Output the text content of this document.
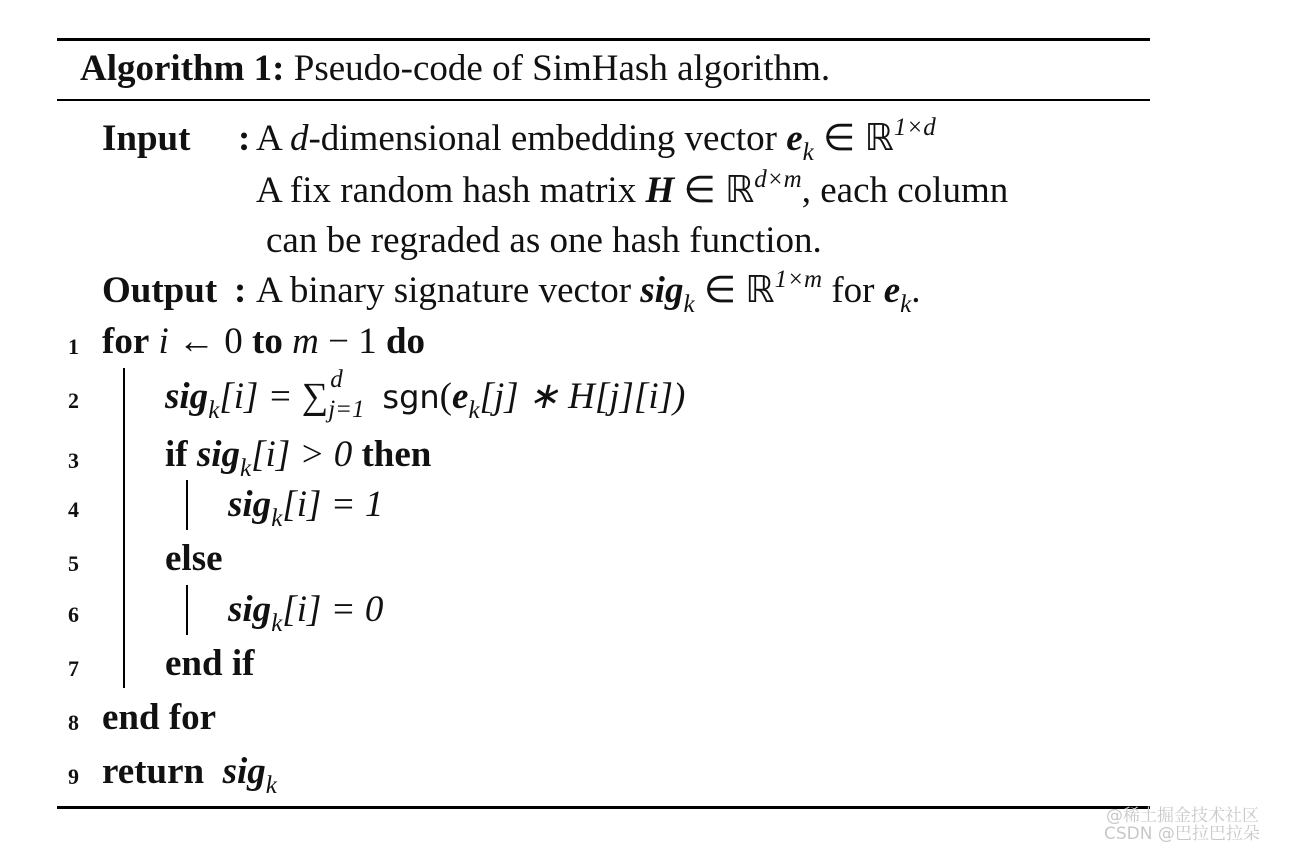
Algorithm 1: Pseudo-code of SimHash algorithm.
Input : A d-dimensional embedding vector $e_k$ ∈ ℝ$^{1\times d}$
A fix random hash matrix H ∈ ℝ$^{d\times m}$, each column
can be regraded as one hash function.
Output : A binary signature vector sig$_k$ ∈ ℝ$^{1\times m}$ for $e_k$.
1
2
3
4
5
6
7
8
9
for i ← 0 to m − 1 do
sig$_k$[i] = ∑ d
j=1 $sgn(e_k[j]$ ∗ H[j][i])
if sig$_k$[i] > 0 then
sig$_k$[i] = 1
else
sig$_k$[i] = 0
end if
end for
return  sig$_k$
@稀土掘金技术社区
CSDN @巴拉巴拉朵
